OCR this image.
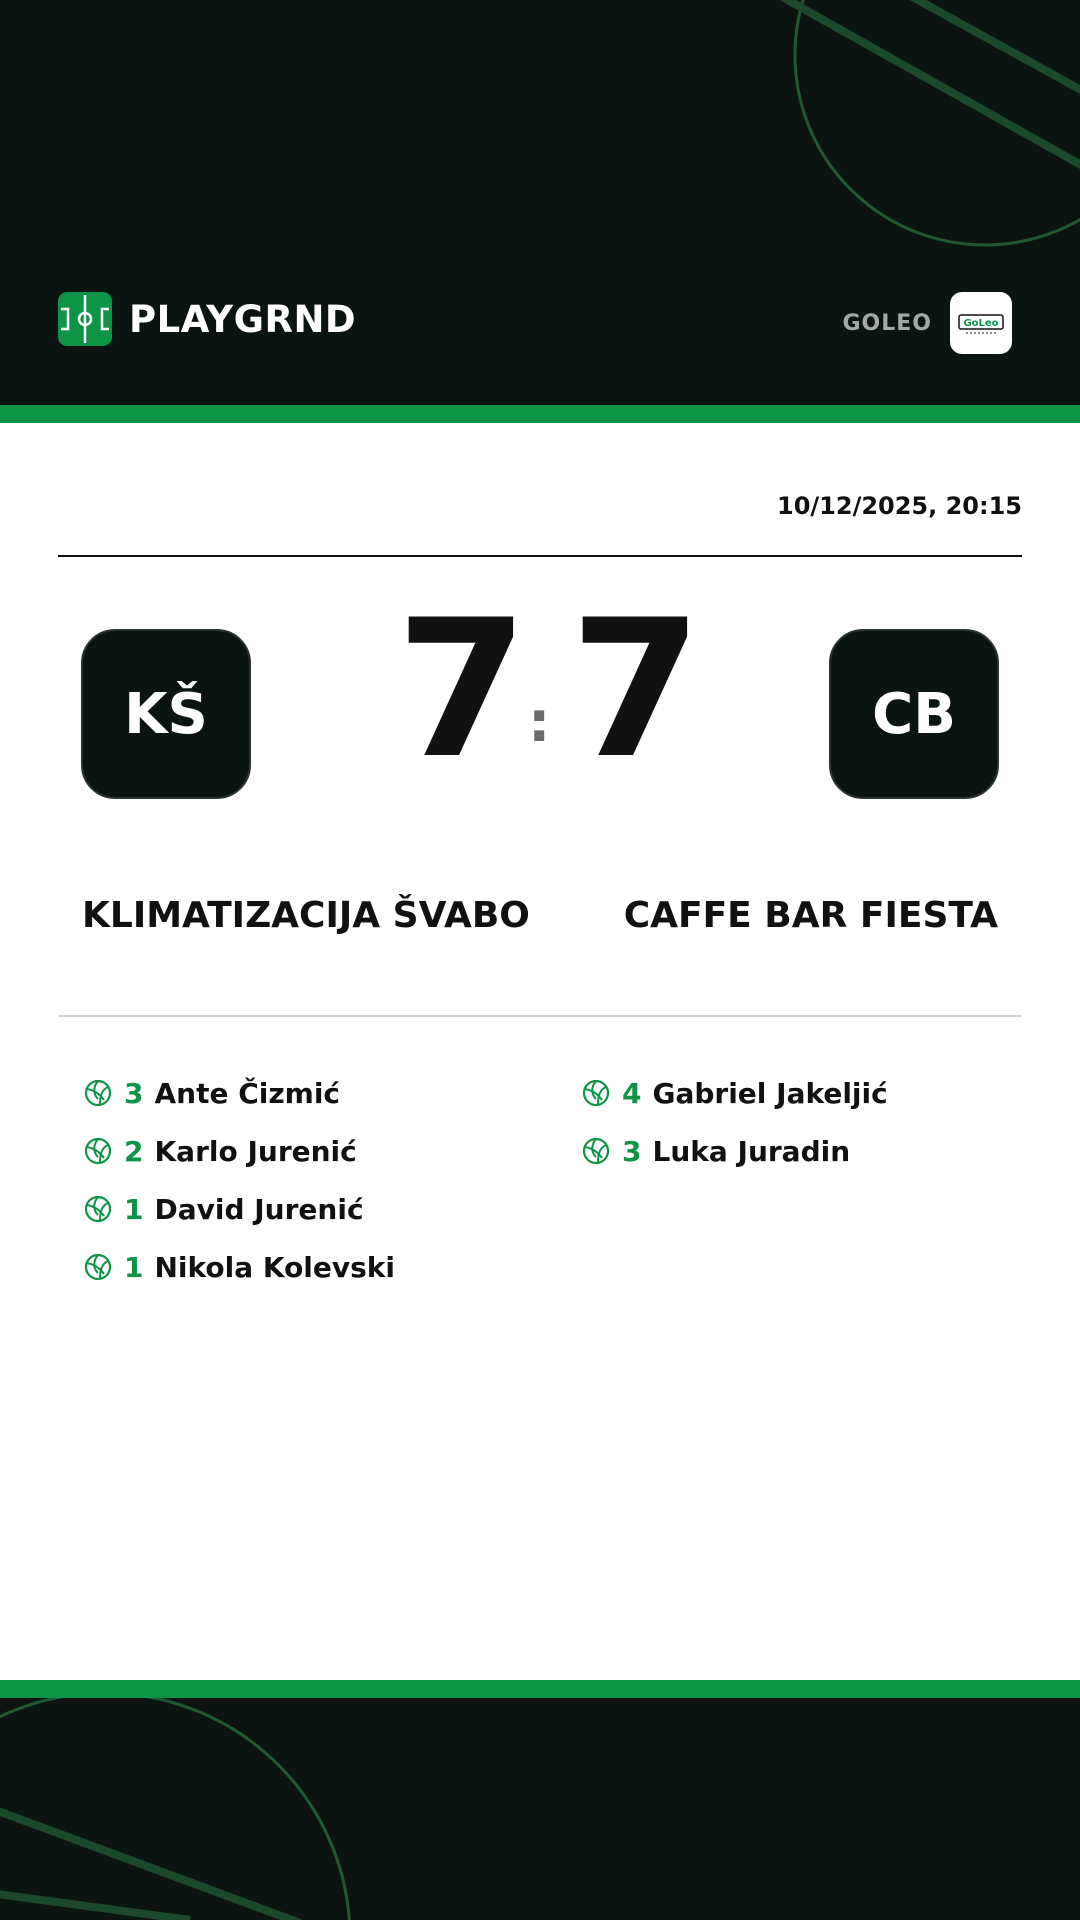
PLAYGRND	GOLEO	GoLeo
10/12/2025, 20:15
KŠ 7 : 7	CB
KLIMATIZACIJA ŠVABO	CAFFE BAR FIESTA
3 Ante Čizmić
2 Karlo Jurenić
1 David Jurenić
1 Nikola Kolevski
4 Gabriel Jakeljić
3 Luka Juradin
